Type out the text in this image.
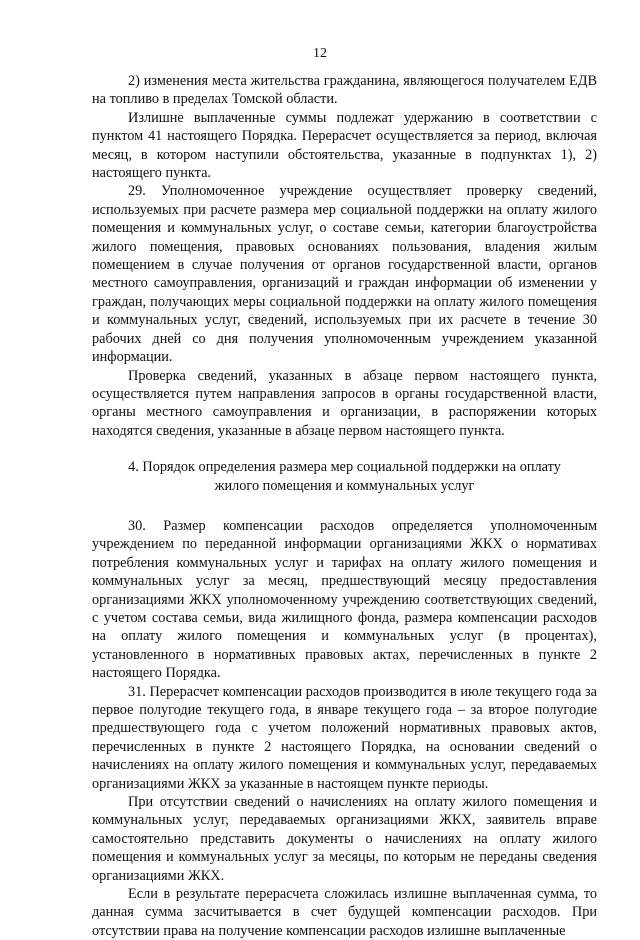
12

2) изменения места жительства гражданина, являющегося получателем ЕДВ на топливо в пределах Томской области.

Излишне выплаченные суммы подлежат удержанию в соответствии с пунктом 41 настоящего Порядка. Перерасчет осуществляется за период, включая месяц, в котором наступили обстоятельства, указанные в подпунктах 1), 2) настоящего пункта.

29. Уполномоченное учреждение осуществляет проверку сведений, используемых при расчете размера мер социальной поддержки на оплату жилого помещения и коммунальных услуг, о составе семьи, категории благоустройства жилого помещения, правовых основаниях пользования, владения жилым помещением в случае получения от органов государственной власти, органов местного самоуправления, организаций и граждан информации об изменении у граждан, получающих меры социальной поддержки на оплату жилого помещения и коммунальных услуг, сведений, используемых при их расчете в течение 30 рабочих дней со дня получения уполномоченным учреждением указанной информации.

Проверка сведений, указанных в абзаце первом настоящего пункта, осуществляется путем направления запросов в органы государственной власти, органы местного самоуправления и организации, в распоряжении которых находятся сведения, указанные в абзаце первом настоящего пункта.

4. Порядок определения размера мер социальной поддержки на оплату
жилого помещения и коммунальных услуг

30. Размер компенсации расходов определяется уполномоченным учреждением по переданной информации организациями ЖКХ о нормативах потребления коммунальных услуг и тарифах на оплату жилого помещения и коммунальных услуг за месяц, предшествующий месяцу предоставления организациями ЖКХ уполномоченному учреждению соответствующих сведений, с учетом состава семьи, вида жилищного фонда, размера компенсации расходов на оплату жилого помещения и коммунальных услуг (в процентах), установленного в нормативных правовых актах, перечисленных в пункте 2 настоящего Порядка.

31. Перерасчет компенсации расходов производится в июле текущего года за первое полугодие текущего года, в январе текущего года – за второе полугодие предшествующего года с учетом положений нормативных правовых актов, перечисленных в пункте 2 настоящего Порядка, на основании сведений о начислениях на оплату жилого помещения и коммунальных услуг, передаваемых организациями ЖКХ за указанные в настоящем пункте периоды.

При отсутствии сведений о начислениях на оплату жилого помещения и коммунальных услуг, передаваемых организациями ЖКХ, заявитель вправе самостоятельно представить документы о начислениях на оплату жилого помещения и коммунальных услуг за месяцы, по которым не переданы сведения организациями ЖКХ.

Если в результате перерасчета сложилась излишне выплаченная сумма, то данная сумма засчитывается в счет будущей компенсации расходов. При отсутствии права на получение компенсации расходов излишне выплаченные
